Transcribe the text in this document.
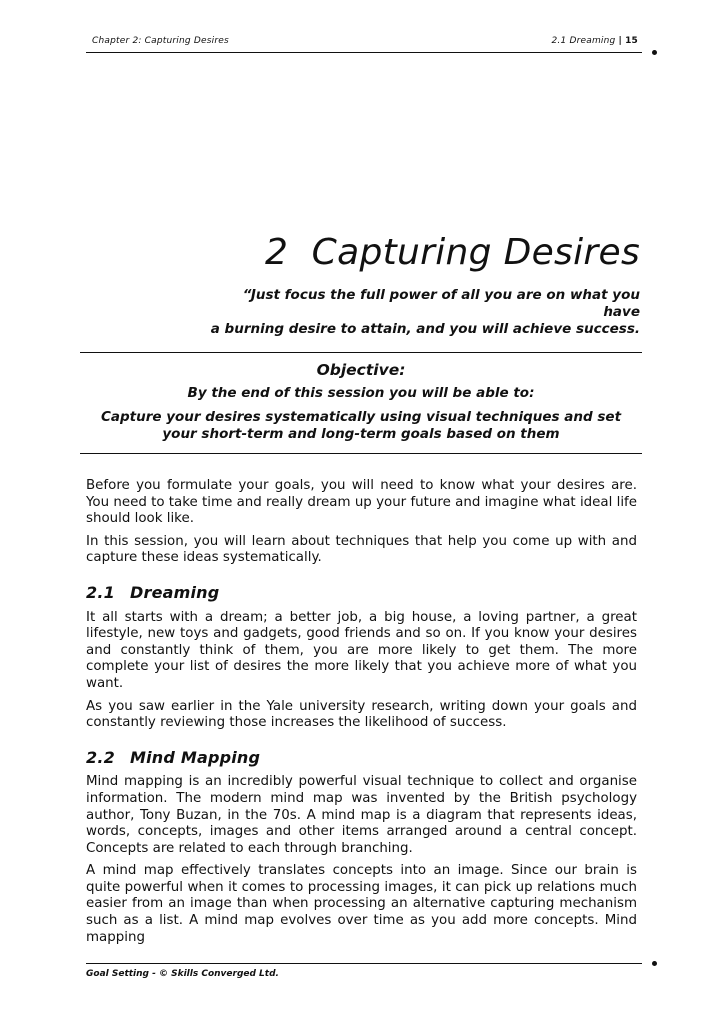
Chapter 2: Capturing Desires	2.1 Dreaming | 15
2 Capturing Desires
“Just focus the full power of all you are on what you have
a burning desire to attain, and you will achieve success.
Objective:
By the end of this session you will be able to:
Capture your desires systematically using visual techniques and set your short-term and long-term goals based on them

Before you formulate your goals, you will need to know what your desires are. You need to take time and really dream up your future and imagine what ideal life should look like.

In this session, you will learn about techniques that help you come up with and capture these ideas systematically.

2.1 Dreaming

It all starts with a dream; a better job, a big house, a loving partner, a great lifestyle, new toys and gadgets, good friends and so on. If you know your desires and constantly think of them, you are more likely to get them. The more complete your list of desires the more likely that you achieve more of what you want.

As you saw earlier in the Yale university research, writing down your goals and constantly reviewing those increases the likelihood of success.

2.2 Mind Mapping

Mind mapping is an incredibly powerful visual technique to collect and organise information. The modern mind map was invented by the British psychology author, Tony Buzan, in the 70s. A mind map is a diagram that represents ideas, words, concepts, images and other items arranged around a central concept. Concepts are related to each through branching.

A mind map effectively translates concepts into an image. Since our brain is quite powerful when it comes to processing images, it can pick up relations much easier from an image than when processing an alternative capturing mechanism such as a list. A mind map evolves over time as you add more concepts. Mind mapping

Goal Setting - © Skills Converged Ltd.
